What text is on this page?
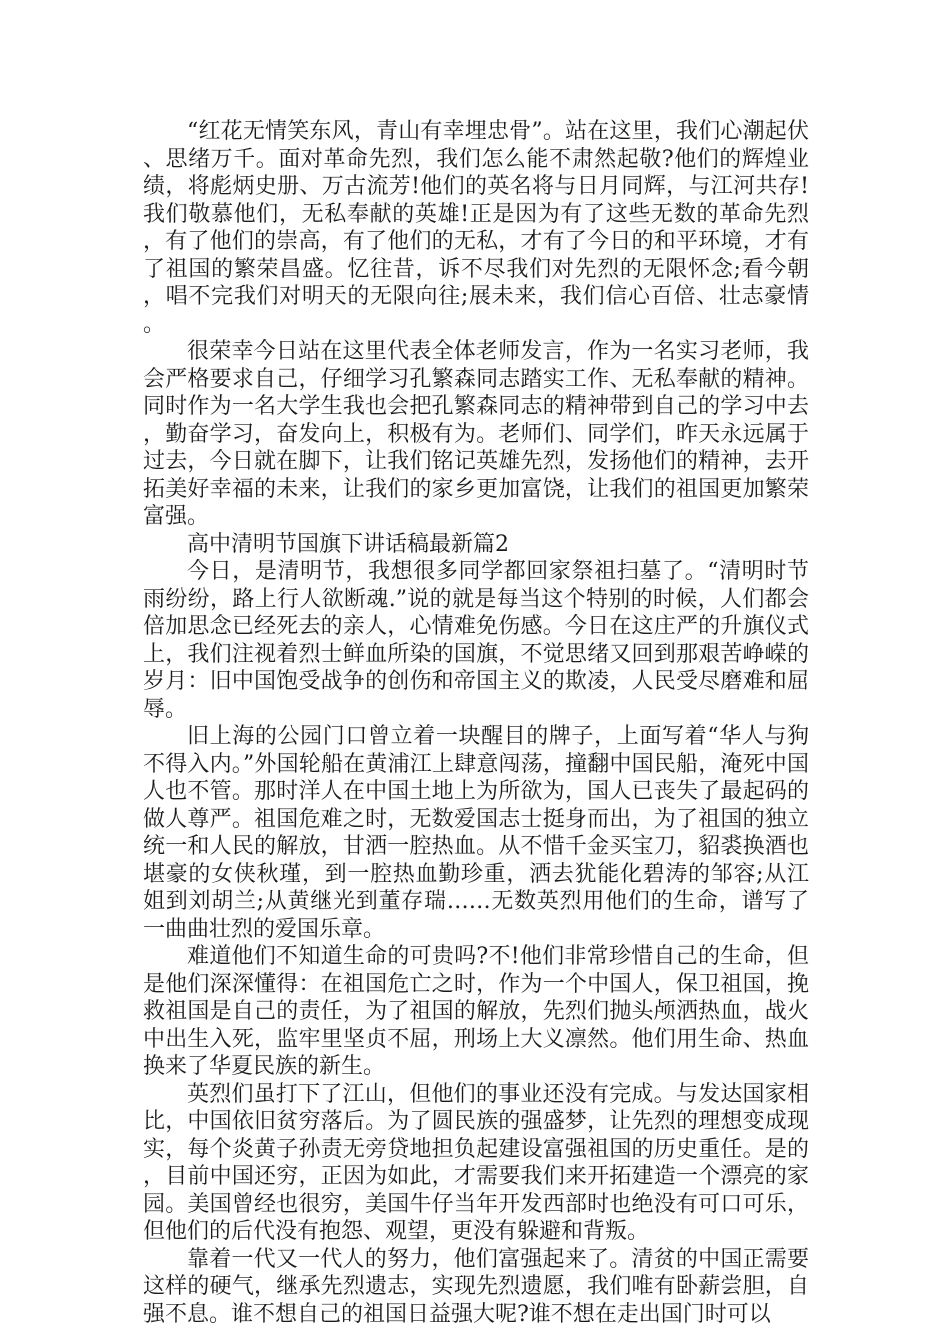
“红花无情笑东风，青山有幸埋忠骨”。站在这里，我们心潮起伏、思绪万千。面对革命先烈，我们怎么能不肃然起敬?他们的辉煌业绩，将彪炳史册、万古流芳!他们的英名将与日月同辉，与江河共存!我们敬慕他们，无私奉献的英雄!正是因为有了这些无数的革命先烈，有了他们的崇高，有了他们的无私，才有了今日的和平环境，才有了祖国的繁荣昌盛。忆往昔，诉不尽我们对先烈的无限怀念;看今朝，唱不完我们对明天的无限向往;展未来，我们信心百倍、壮志豪情。

很荣幸今日站在这里代表全体老师发言，作为一名实习老师，我会严格要求自己，仔细学习孔繁森同志踏实工作、无私奉献的精神。同时作为一名大学生我也会把孔繁森同志的精神带到自己的学习中去，勤奋学习，奋发向上，积极有为。老师们、同学们，昨天永远属于过去，今日就在脚下，让我们铭记英雄先烈，发扬他们的精神，去开拓美好幸福的未来，让我们的家乡更加富饶，让我们的祖国更加繁荣富强。

高中清明节国旗下讲话稿最新篇2

今日，是清明节，我想很多同学都回家祭祖扫墓了。“清明时节雨纷纷，路上行人欲断魂.”说的就是每当这个特别的时候，人们都会倍加思念已经死去的亲人，心情难免伤感。今日在这庄严的升旗仪式上，我们注视着烈士鲜血所染的国旗，不觉思绪又回到那艰苦峥嵘的岁月：旧中国饱受战争的创伤和帝国主义的欺凌，人民受尽磨难和屈辱。

旧上海的公园门口曾立着一块醒目的牌子，上面写着“华人与狗不得入内。”外国轮船在黄浦江上肆意闯荡，撞翻中国民船，淹死中国人也不管。那时洋人在中国土地上为所欲为，国人已丧失了最起码的做人尊严。祖国危难之时，无数爱国志士挺身而出，为了祖国的独立统一和人民的解放，甘洒一腔热血。从不惜千金买宝刀，貂裘换酒也堪豪的女侠秋瑾，到一腔热血勤珍重，洒去犹能化碧涛的邹容;从江姐到刘胡兰;从黄继光到董存瑞……无数英烈用他们的生命，谱写了一曲曲壮烈的爱国乐章。

难道他们不知道生命的可贵吗?不!他们非常珍惜自己的生命，但是他们深深懂得：在祖国危亡之时，作为一个中国人，保卫祖国，挽救祖国是自己的责任，为了祖国的解放，先烈们抛头颅洒热血，战火中出生入死，监牢里坚贞不屈，刑场上大义凛然。他们用生命、热血换来了华夏民族的新生。

英烈们虽打下了江山，但他们的事业还没有完成。与发达国家相比，中国依旧贫穷落后。为了圆民族的强盛梦，让先烈的理想变成现实，每个炎黄子孙责无旁贷地担负起建设富强祖国的历史重任。是的，目前中国还穷，正因为如此，才需要我们来开拓建造一个漂亮的家园。美国曾经也很穷，美国牛仔当年开发西部时也绝没有可口可乐，但他们的后代没有抱怨、观望，更没有躲避和背叛。

靠着一代又一代人的努力，他们富强起来了。清贫的中国正需要这样的硬气，继承先烈遗志，实现先烈遗愿，我们唯有卧薪尝胆，自强不息。谁不想自己的祖国日益强大呢?谁不想在走出国门时可以
